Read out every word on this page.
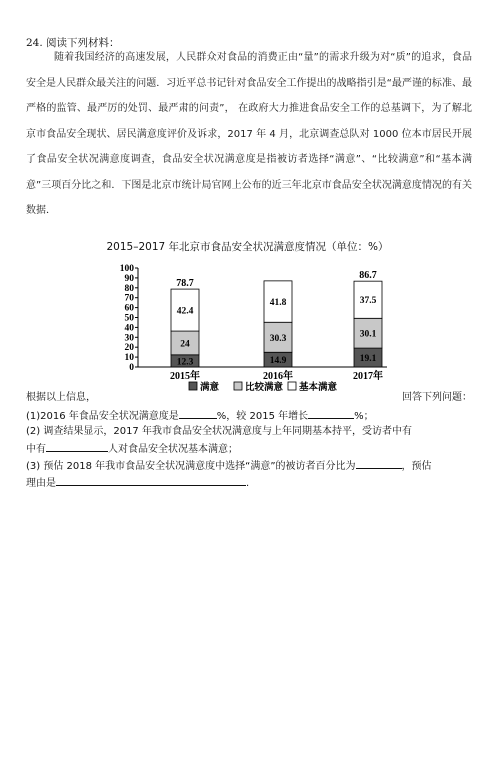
24. 阅读下列材料：
随着我国经济的高速发展，人民群众对食品的消费正由“量”的需求升级为对“质”的追求，食品安全是人民群众最关注的问题．习近平总书记针对食品安全工作提出的战略指引是“最严谨的标准、最严格的监管、最严厉的处罚、最严肃的问责”， 在政府大力推进食品安全工作的总基调下，为了解北京市食品安全现状、居民满意度评价及诉求，2017 年 4 月，北京调查总队对 1000 位本市居民开展了食品安全状况满意度调查，食品安全状况满意度是指被访者选择“满意”、“比较满意”和“基本满意”三项百分比之和．下图是北京市统计局官网上公布的近三年北京市食品安全状况满意度情况的有关数据．
2015–2017 年北京市食品安全状况满意度情况（单位：%）
0
10
20
30
40
50
60
70
80
90
100
12.3
24
42.4
78.7
2015年
14.9
30.3
41.8
2016年
19.1
30.1
37.5
86.7
2017年
满意	比较满意 基本满意
根据以上信息，	回答下列问题：
(1)2016 年食品安全状况满意度是	%，较 2015 年增长	%；
(2) 调查结果显示，2017 年我市食品安全状况满意度与上年同期基本持平，受访者中有
中有	人对食品安全状况基本满意；
(3) 预估 2018 年我市食品安全状况满意度中选择“满意”的被访者百分比为	，预估
理由是	.
